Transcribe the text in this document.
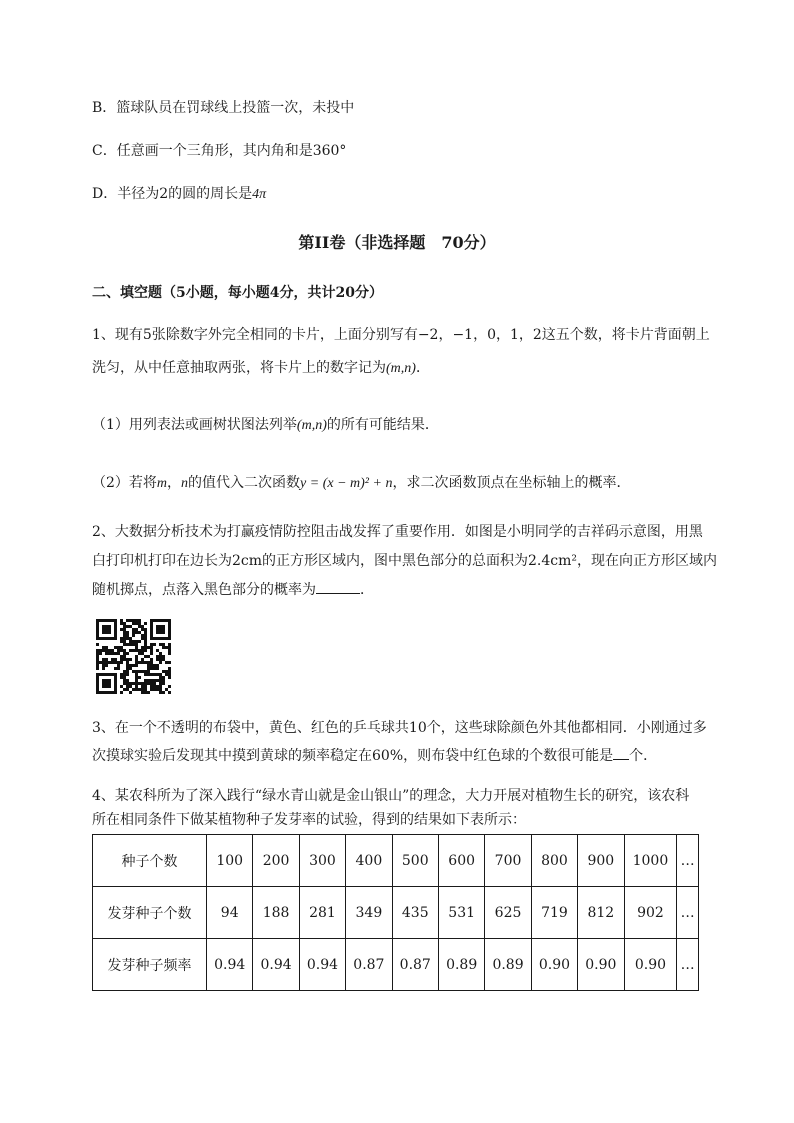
B．篮球队员在罚球线上投篮一次，未投中
C．任意画一个三角形，其内角和是360°
D．半径为2的圆的周长是4π
第II卷（非选择题　70分）
二、填空题（5小题，每小题4分，共计20分）
1、现有5张除数字外完全相同的卡片，上面分别写有−2，−1，0，1，2这五个数，将卡片背面朝上
洗匀，从中任意抽取两张，将卡片上的数字记为(m,n)．
（1）用列表法或画树状图法列举(m,n)的所有可能结果．
（2）若将m，n的值代入二次函数y = (x − m)² + n，求二次函数顶点在坐标轴上的概率．
2、大数据分析技术为打赢疫情防控阻击战发挥了重要作用．如图是小明同学的吉祥码示意图，用黑
白打印机打印在边长为2cm的正方形区域内，图中黑色部分的总面积为2.4cm²，现在向正方形区域内
随机掷点，点落入黑色部分的概率为	．
3、在一个不透明的布袋中，黄色、红色的乒乓球共10个，这些球除颜色外其他都相同．小刚通过多
次摸球实验后发现其中摸到黄球的频率稳定在60%，则布袋中红色球的个数很可能是 个．
4、某农科所为了深入践行“绿水青山就是金山银山”的理念，大力开展对植物生长的研究，该农科
所在相同条件下做某植物种子发芽率的试验，得到的结果如下表所示：
种子个数	100	200	300	400	500	600	700	800	900	1000	…
发芽种子个数	94	188	281	349	435	531	625	719	812	902	…
发芽种子频率	0.94	0.94	0.94	0.87	0.87	0.89	0.89	0.90	0.90	0.90	…
